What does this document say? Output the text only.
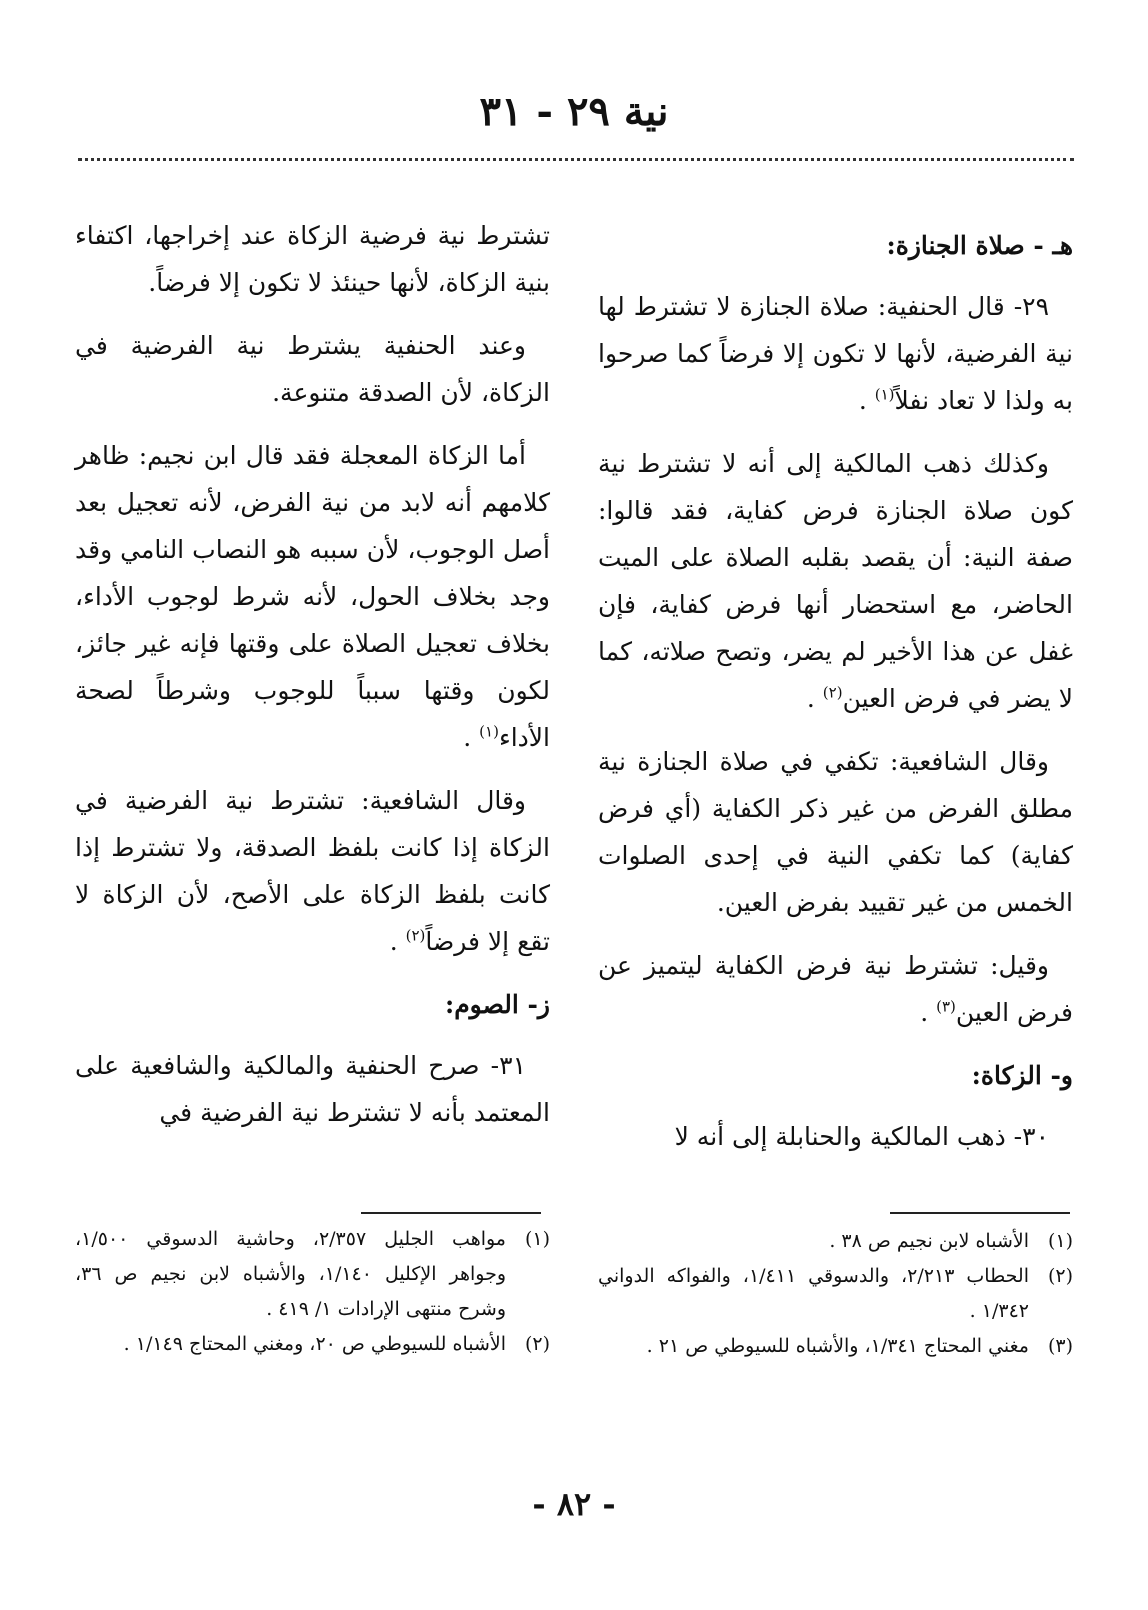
نية ٢٩ - ٣١

هـ - صلاة الجنازة:

٢٩- قال الحنفية: صلاة الجنازة لا تشترط لها نية الفرضية، لأنها لا تكون إلا فرضاً كما صرحوا به ولذا لا تعاد نفلاً$^{(١)}$ .

وكذلك ذهب المالكية إلى أنه لا تشترط نية كون صلاة الجنازة فرض كفاية، فقد قالوا: صفة النية: أن يقصد بقلبه الصلاة على الميت الحاضر، مع استحضار أنها فرض كفاية، فإن غفل عن هذا الأخير لم يضر، وتصح صلاته، كما لا يضر في فرض العين$^{(٢)}$ .

وقال الشافعية: تكفي في صلاة الجنازة نية مطلق الفرض من غير ذكر الكفاية (أي فرض كفاية) كما تكفي النية في إحدى الصلوات الخمس من غير تقييد بفرض العين.

وقيل: تشترط نية فرض الكفاية ليتميز عن فرض العين$^{(٣)}$ .

و- الزكاة:

٣٠- ذهب المالكية والحنابلة إلى أنه لا

تشترط نية فرضية الزكاة عند إخراجها، اكتفاء بنية الزكاة، لأنها حينئذ لا تكون إلا فرضاً.

وعند الحنفية يشترط نية الفرضية في الزكاة، لأن الصدقة متنوعة.

أما الزكاة المعجلة فقد قال ابن نجيم: ظاهر كلامهم أنه لابد من نية الفرض، لأنه تعجيل بعد أصل الوجوب، لأن سببه هو النصاب النامي وقد وجد بخلاف الحول، لأنه شرط لوجوب الأداء، بخلاف تعجيل الصلاة على وقتها فإنه غير جائز، لكون وقتها سبباً للوجوب وشرطاً لصحة الأداء$^{(١)}$ .

وقال الشافعية: تشترط نية الفرضية في الزكاة إذا كانت بلفظ الصدقة، ولا تشترط إذا كانت بلفظ الزكاة على الأصح، لأن الزكاة لا تقع إلا فرضاً$^{(٢)}$ .

ز- الصوم:

٣١- صرح الحنفية والمالكية والشافعية على المعتمد بأنه لا تشترط نية الفرضية في

(١)
الأشباه لابن نجيم ص ٣٨ .
(٢)
الحطاب ٢/٢١٣، والدسوقي ١/٤١١، والفواكه الدواني ١/٣٤٢ .
(٣)
مغني المحتاج ١/٣٤١، والأشباه للسيوطي ص ٢١ .
(١)
مواهب الجليل ٢/٣٥٧، وحاشية الدسوقي ١/٥٠٠، وجواهر الإكليل ١/١٤٠، والأشباه لابن نجيم ص ٣٦، وشرح منتهى الإرادات ١/ ٤١٩ .
(٢)
الأشباه للسيوطي ص ٢٠، ومغني المحتاج ١/١٤٩ .
- ٨٢ -
